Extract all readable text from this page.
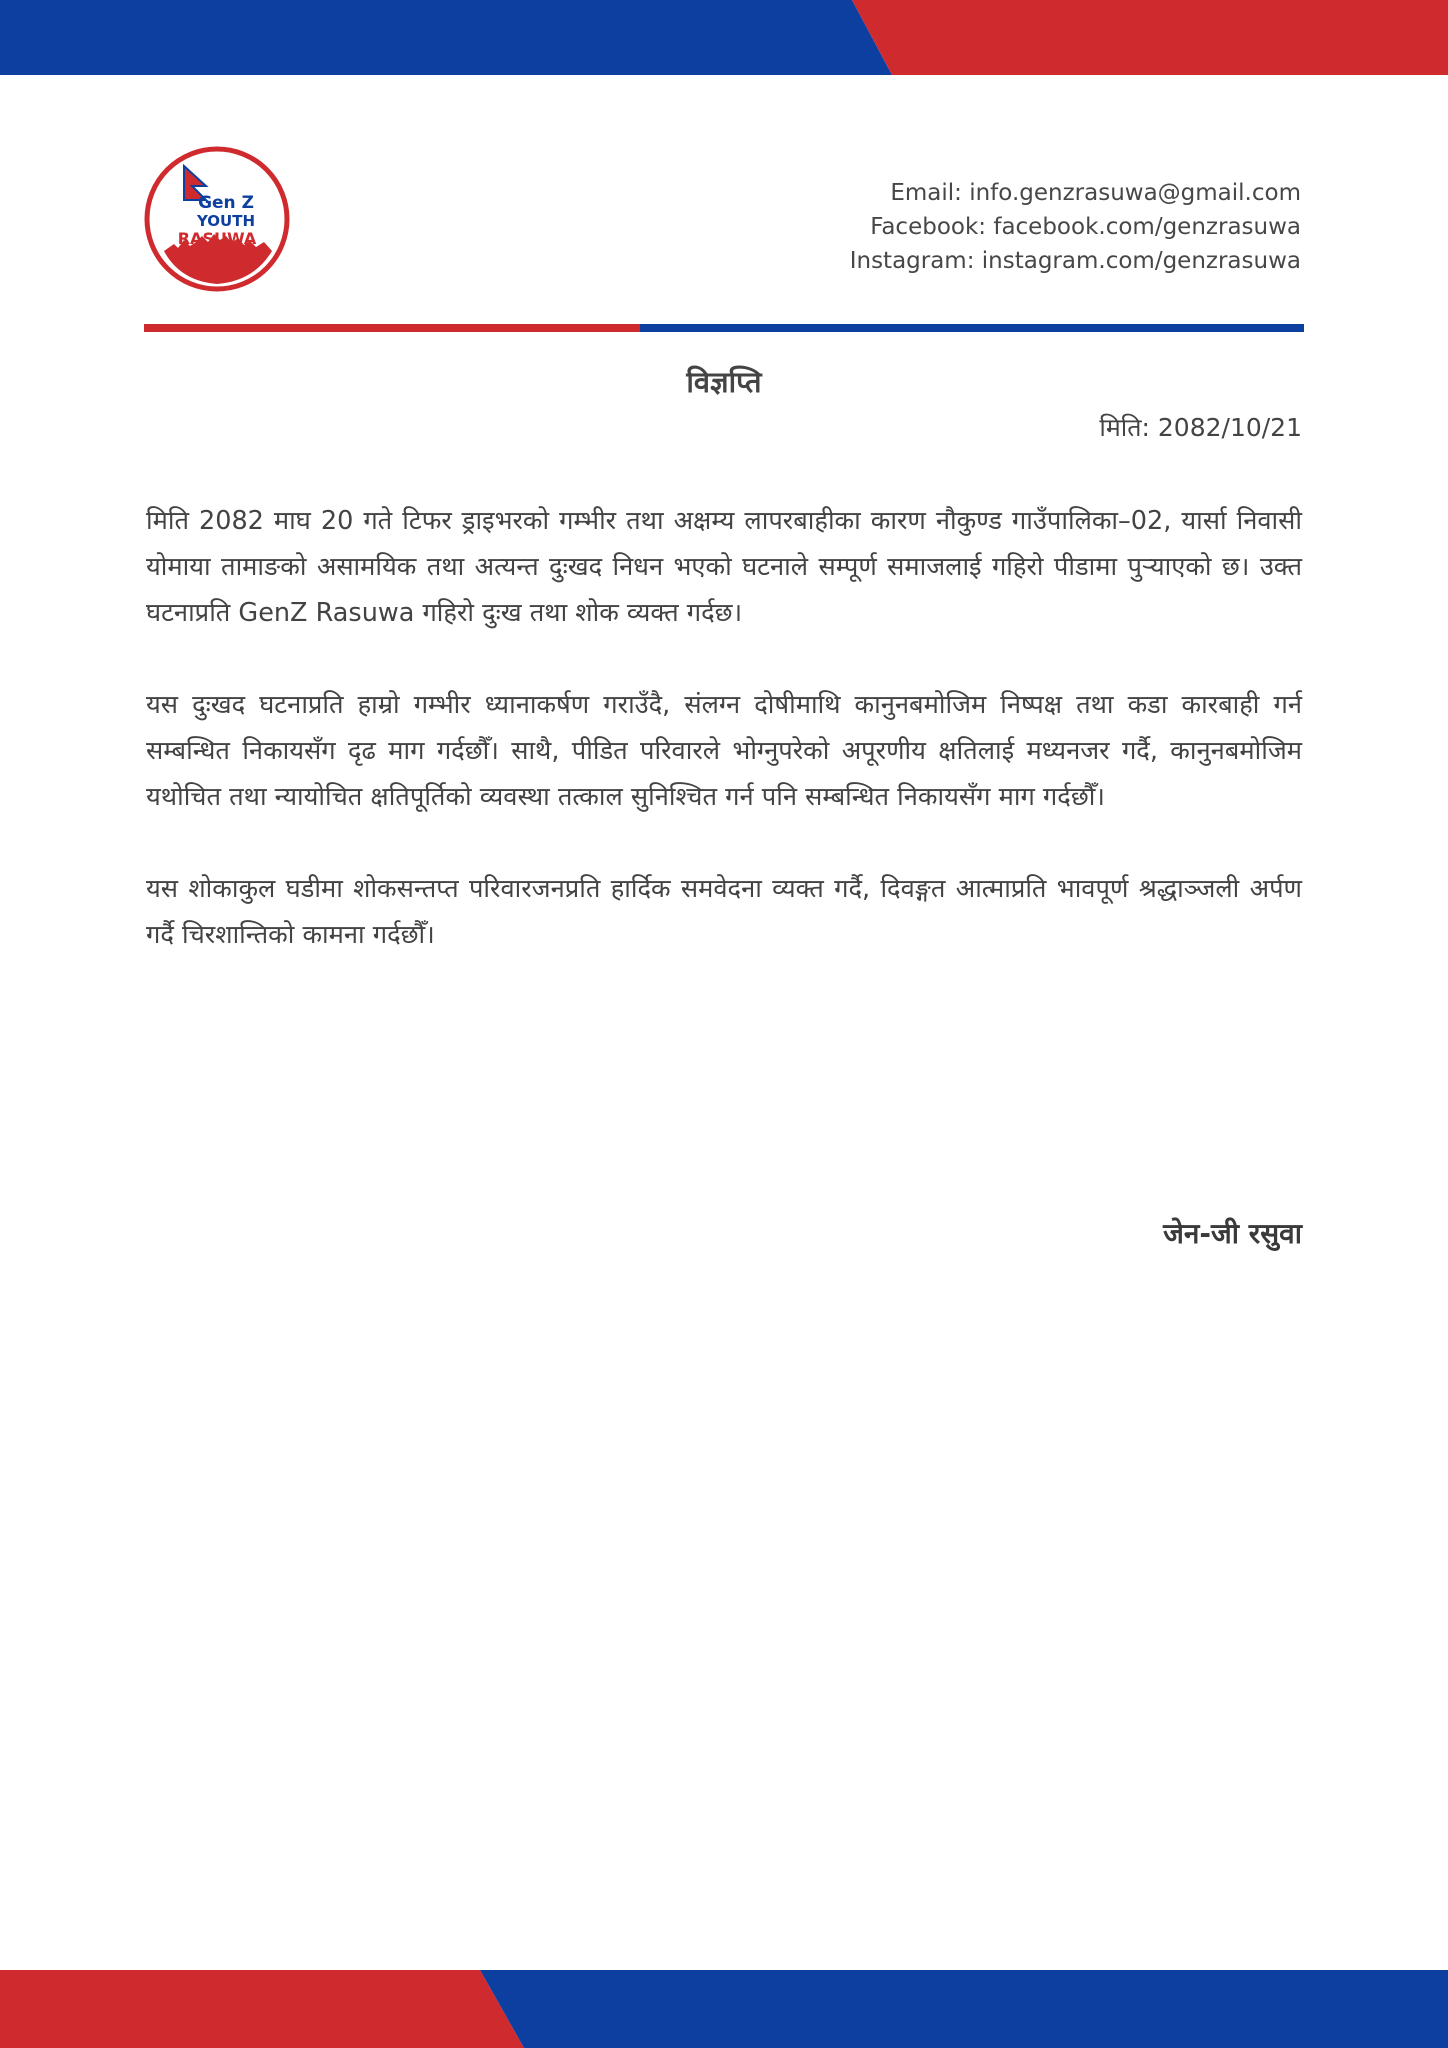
Gen Z
YOUTH
RASUWA
Email: info.genzrasuwa@gmail.com
Facebook: facebook.com/genzrasuwa
Instagram: instagram.com/genzrasuwa
विज्ञप्ति
मिति: 2082/10/21

मिति 2082 माघ 20 गते टिफर ड्राइभरको गम्भीर तथा अक्षम्य लापरबाहीका कारण नौकुण्ड गाउँपालिका–02, यार्सा निवासी योमाया तामाङको असामयिक तथा अत्यन्त दुःखद निधन भएको घटनाले सम्पूर्ण समाजलाई गहिरो पीडामा पुर्‍याएको छ। उक्त घटनाप्रति GenZ Rasuwa गहिरो दुःख तथा शोक व्यक्त गर्दछ।

यस दुःखद घटनाप्रति हाम्रो गम्भीर ध्यानाकर्षण गराउँदै, संलग्न दोषीमाथि कानुनबमोजिम निष्पक्ष तथा कडा कारबाही गर्न सम्बन्धित निकायसँग दृढ माग गर्दछौँ। साथै, पीडित परिवारले भोग्नुपरेको अपूरणीय क्षतिलाई मध्यनजर गर्दै, कानुनबमोजिम यथोचित तथा न्यायोचित क्षतिपूर्तिको व्यवस्था तत्काल सुनिश्चित गर्न पनि सम्बन्धित निकायसँग माग गर्दछौँ।

यस शोकाकुल घडीमा शोकसन्तप्त परिवारजनप्रति हार्दिक समवेदना व्यक्त गर्दै, दिवङ्गत आत्माप्रति भावपूर्ण श्रद्धाञ्जली अर्पण गर्दै चिरशान्तिको कामना गर्दछौँ।

जेन-जी रसुवा
